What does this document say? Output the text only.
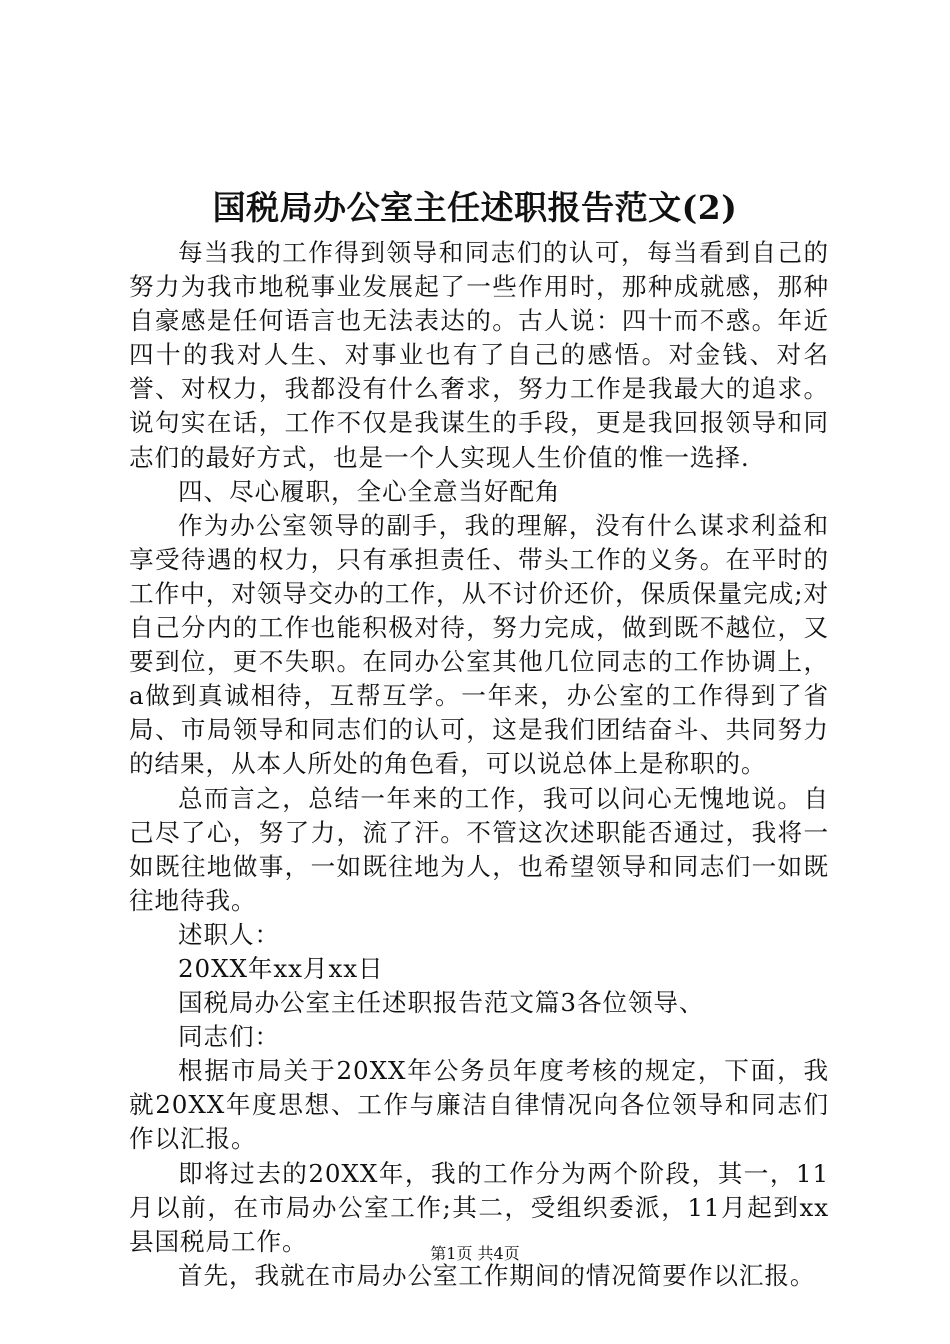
国税局办公室主任述职报告范文(2)

每当我的工作得到领导和同志们的认可，每当看到自己的努力为我市地税事业发展起了一些作用时，那种成就感，那种自豪感是任何语言也无法表达的。古人说：四十而不惑。年近四十的我对人生、对事业也有了自己的感悟。对金钱、对名誉、对权力，我都没有什么奢求，努力工作是我最大的追求。说句实在话，工作不仅是我谋生的手段，更是我回报领导和同志们的最好方式，也是一个人实现人生价值的惟一选择.

四、尽心履职，全心全意当好配角

作为办公室领导的副手，我的理解，没有什么谋求利益和享受待遇的权力，只有承担责任、带头工作的义务。在平时的工作中，对领导交办的工作，从不讨价还价，保质保量完成;对自己分内的工作也能积极对待，努力完成，做到既不越位，又要到位，更不失职。在同办公室其他几位同志的工作协调上，a做到真诚相待，互帮互学。一年来，办公室的工作得到了省局、市局领导和同志们的认可，这是我们团结奋斗、共同努力的结果，从本人所处的角色看，可以说总体上是称职的。

总而言之，总结一年来的工作，我可以问心无愧地说。自己尽了心，努了力，流了汗。不管这次述职能否通过，我将一如既往地做事，一如既往地为人，也希望领导和同志们一如既往地待我。

述职人：

20XX年xx月xx日

国税局办公室主任述职报告范文篇3各位领导、

同志们：

根据市局关于20XX年公务员年度考核的规定，下面，我就20XX年度思想、工作与廉洁自律情况向各位领导和同志们作以汇报。

即将过去的20XX年，我的工作分为两个阶段，其一，11月以前，在市局办公室工作;其二，受组织委派，11月起到xx县国税局工作。

首先，我就在市局办公室工作期间的情况简要作以汇报。

第1页 共4页
